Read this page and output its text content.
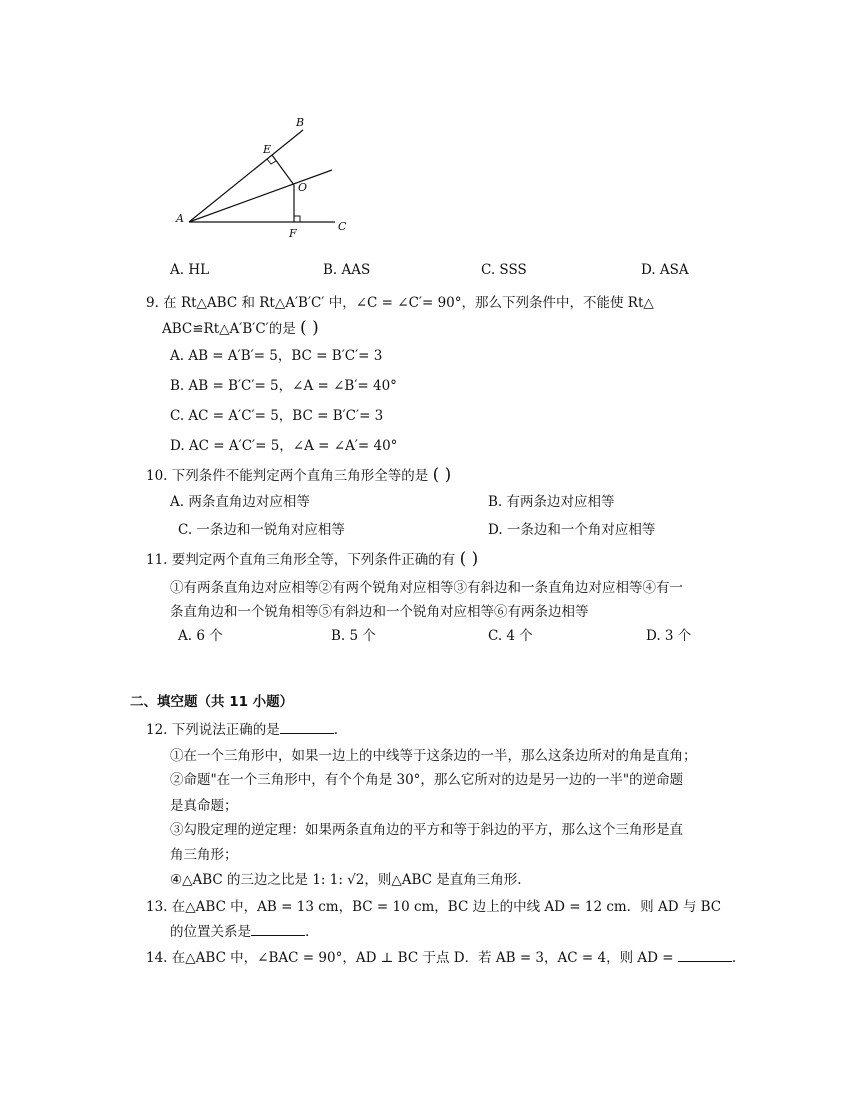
B
E
O
A
F
C
A. HL	B. AAS	C. SSS	D. ASA
9. 在 Rt△ABC 和 Rt△A′B′C′ 中，∠C = ∠C′= 90°，那么下列条件中，不能使 Rt△
ABC≌Rt△A′B′C′的是 ( )
A. AB = A′B′= 5，BC = B′C′= 3
B. AB = B′C′= 5，∠A = ∠B′= 40°
C. AC = A′C′= 5，BC = B′C′= 3
D. AC = A′C′= 5，∠A = ∠A′= 40°
10. 下列条件不能判定两个直角三角形全等的是 ( )
A. 两条直角边对应相等	B. 有两条边对应相等
C. 一条边和一锐角对应相等	D. 一条边和一个角对应相等
11. 要判定两个直角三角形全等，下列条件正确的有 ( )
①有两条直角边对应相等②有两个锐角对应相等③有斜边和一条直角边对应相等④有一
条直角边和一个锐角相等⑤有斜边和一个锐角对应相等⑥有两条边相等
A. 6 个	B. 5 个	C. 4 个	D. 3 个
二、填空题（共 11 小题）
12. 下列说法正确的是	.
①在一个三角形中，如果一边上的中线等于这条边的一半，那么这条边所对的角是直角；
②命题"在一个三角形中，有个个角是 30°，那么它所对的边是另一边的一半"的逆命题
是真命题；
③勾股定理的逆定理：如果两条直角边的平方和等于斜边的平方，那么这个三角形是直
角三角形；
④△ABC 的三边之比是 1: 1: √2，则△ABC 是直角三角形.
13. 在△ABC 中，AB = 13 cm，BC = 10 cm，BC 边上的中线 AD = 12 cm．则 AD 与 BC
的位置关系是	.
14. 在△ABC 中，∠BAC = 90°，AD ⊥ BC 于点 D．若 AB = 3，AC = 4，则 AD =	.
